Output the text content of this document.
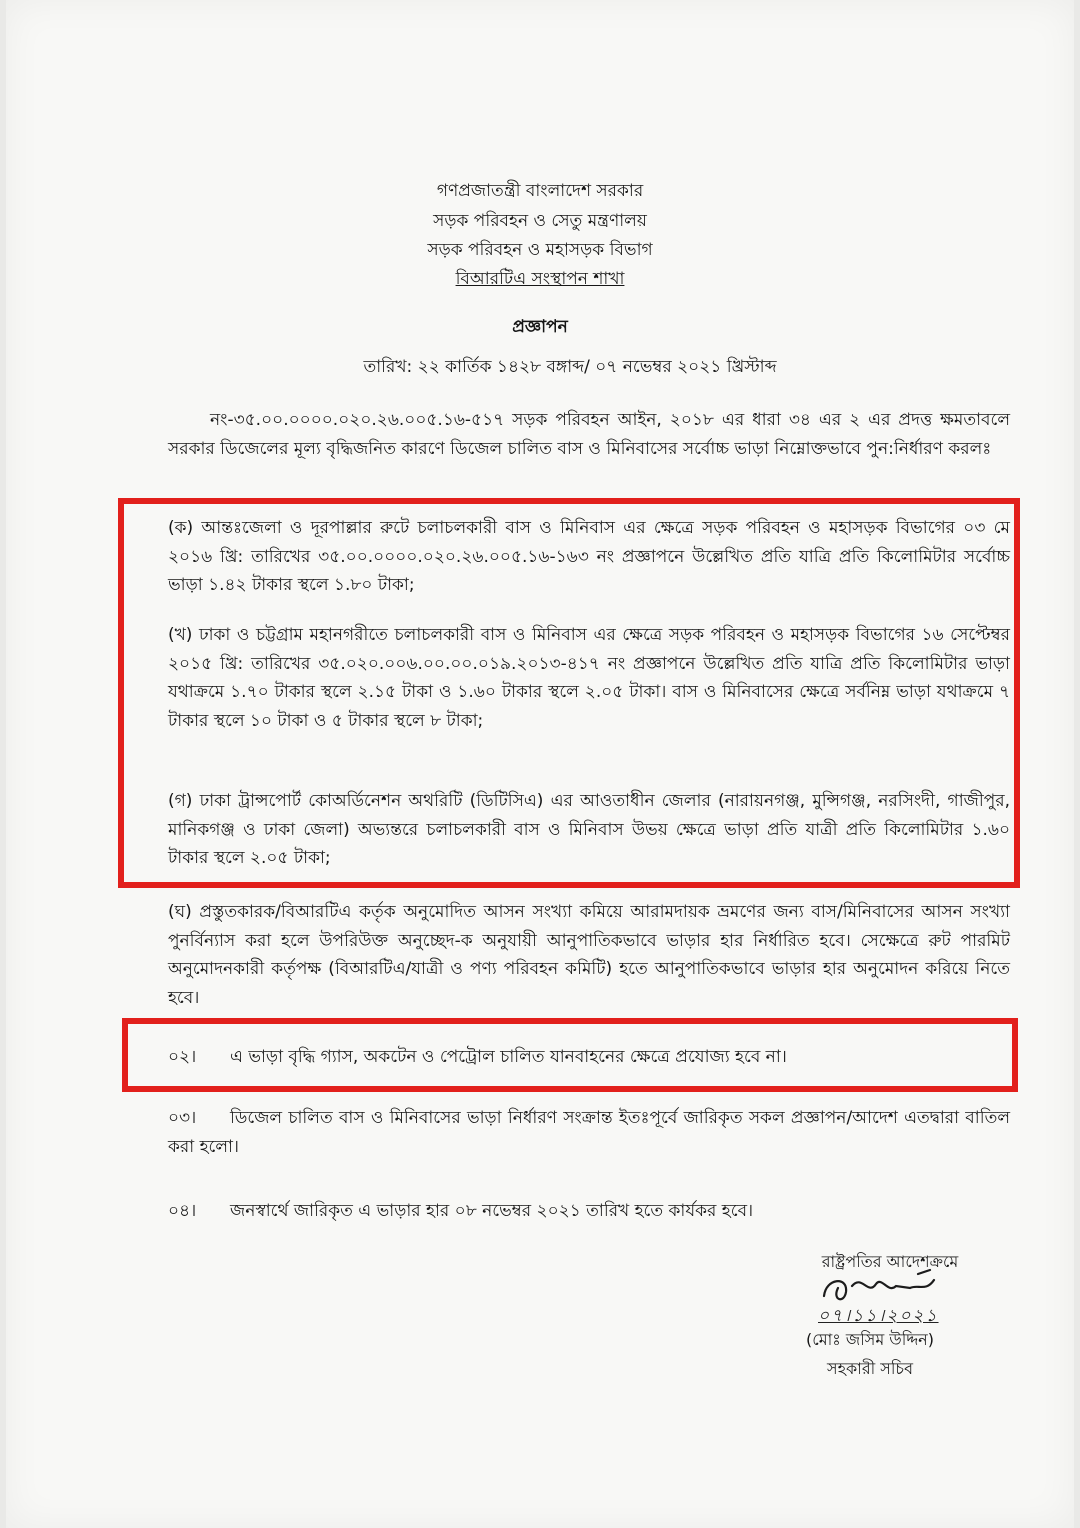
গণপ্রজাতন্ত্রী বাংলাদেশ সরকার
সড়ক পরিবহন ও সেতু মন্ত্রণালয়
সড়ক পরিবহন ও মহাসড়ক বিভাগ
বিআরটিএ সংস্থাপন শাখা
প্রজ্ঞাপন
তারিখ: ২২ কার্তিক ১৪২৮ বঙ্গাব্দ/ ০৭ নভেম্বর ২০২১ খ্রিস্টাব্দ
নং-৩৫.০০.০০০০.০২০.২৬.০০৫.১৬-৫১৭ সড়ক পরিবহন আইন, ২০১৮ এর ধারা ৩৪ এর ২ এর প্রদত্ত ক্ষমতাবলে সরকার ডিজেলের মূল্য বৃদ্ধিজনিত কারণে ডিজেল চালিত বাস ও মিনিবাসের সর্বোচ্চ ভাড়া নিম্নোক্তভাবে পুন:নির্ধারণ করলঃ
(ক) আন্তঃজেলা ও দূরপাল্লার রুটে চলাচলকারী বাস ও মিনিবাস এর ক্ষেত্রে সড়ক পরিবহন ও মহাসড়ক বিভাগের ০৩ মে ২০১৬ খ্রি: তারিখের ৩৫.০০.০০০০.০২০.২৬.০০৫.১৬-১৬৩ নং প্রজ্ঞাপনে উল্লেখিত প্রতি যাত্রি প্রতি কিলোমিটার সর্বোচ্চ ভাড়া ১.৪২ টাকার স্থলে ১.৮০ টাকা;
(খ) ঢাকা ও চট্টগ্রাম মহানগরীতে চলাচলকারী বাস ও মিনিবাস এর ক্ষেত্রে সড়ক পরিবহন ও মহাসড়ক বিভাগের ১৬ সেপ্টেম্বর ২০১৫ খ্রি: তারিখের ৩৫.০২০.০০৬.০০.০০.০১৯.২০১৩-৪১৭ নং প্রজ্ঞাপনে উল্লেখিত প্রতি যাত্রি প্রতি কিলোমিটার ভাড়া যথাক্রমে ১.৭০ টাকার স্থলে ২.১৫ টাকা ও ১.৬০ টাকার স্থলে ২.০৫ টাকা। বাস ও মিনিবাসের ক্ষেত্রে সর্বনিম্ন ভাড়া যথাক্রমে ৭ টাকার স্থলে ১০ টাকা ও ৫ টাকার স্থলে ৮ টাকা;
(গ) ঢাকা ট্রান্সপোর্ট কোঅর্ডিনেশন অথরিটি (ডিটিসিএ) এর আওতাধীন জেলার (নারায়নগঞ্জ, মুন্সিগঞ্জ, নরসিংদী, গাজীপুর, মানিকগঞ্জ ও ঢাকা জেলা) অভ্যন্তরে চলাচলকারী বাস ও মিনিবাস উভয় ক্ষেত্রে ভাড়া প্রতি যাত্রী প্রতি কিলোমিটার ১.৬০ টাকার স্থলে ২.০৫ টাকা;
(ঘ) প্রস্তুতকারক/বিআরটিএ কর্তৃক অনুমোদিত আসন সংখ্যা কমিয়ে আরামদায়ক ভ্রমণের জন্য বাস/মিনিবাসের আসন সংখ্যা পুনর্বিন্যাস করা হলে উপরিউক্ত অনুচ্ছেদ-ক অনুযায়ী আনুপাতিকভাবে ভাড়ার হার নির্ধারিত হবে। সেক্ষেত্রে রুট পারমিট অনুমোদনকারী কর্তৃপক্ষ (বিআরটিএ/যাত্রী ও পণ্য পরিবহন কমিটি) হতে আনুপাতিকভাবে ভাড়ার হার অনুমোদন করিয়ে নিতে হবে।
০২। এ ভাড়া বৃদ্ধি গ্যাস, অকটেন ও পেট্রোল চালিত যানবাহনের ক্ষেত্রে প্রযোজ্য হবে না।
০৩। ডিজেল চালিত বাস ও মিনিবাসের ভাড়া নির্ধারণ সংক্রান্ত ইতঃপূর্বে জারিকৃত সকল প্রজ্ঞাপন/আদেশ এতদ্বারা বাতিল করা হলো।
০৪। জনস্বার্থে জারিকৃত এ ভাড়ার হার ০৮ নভেম্বর ২০২১ তারিখ হতে কার্যকর হবে।
রাষ্ট্রপতির আদেশক্রমে
০৭।১১।২০২১
(মোঃ জসিম উদ্দিন)
সহকারী সচিব
